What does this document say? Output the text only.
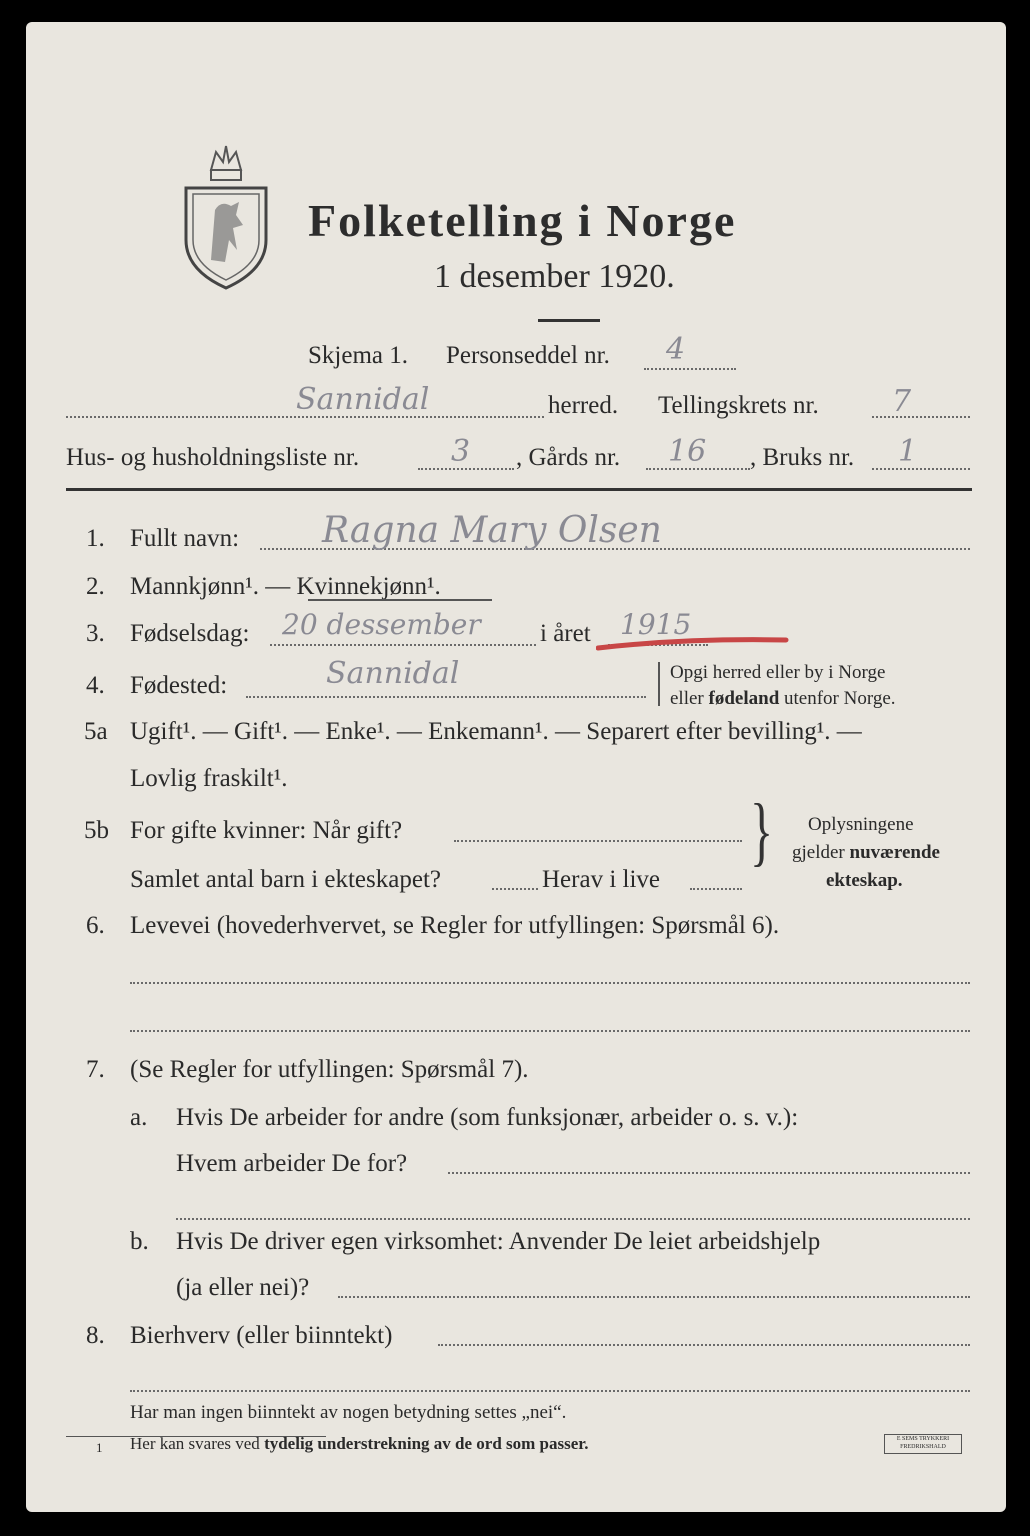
Folketelling i Norge
1 desember 1920.
Skjema 1. Personseddel nr. 4
Sannidal	herred. Tellingskrets nr. 7
Hus- og husholdningsliste nr.	3 , Gårds nr. 16 , Bruks nr. 1
1. Fullt navn: Ragna Mary Olsen
2. Mannkjønn¹. — Kvinnekjønn¹.
3. Fødselsdag: 20 dessember i året 1915
4. Fødested:	Sannidal	Opgi herred eller by i Norge
eller fødeland utenfor Norge.
5a Ugift¹. — Gift¹. — Enke¹. — Enkemann¹. — Separert efter bevilling¹. —
Lovlig fraskilt¹.
5b For gifte kvinner: Når gift?
Samlet antal barn i ekteskapet?	Herav i live
} Oplysningene
gjelder nuværende
ekteskap.
6. Levevei (hovederhvervet, se Regler for utfyllingen: Spørsmål 6).
7. (Se Regler for utfyllingen: Spørsmål 7).
a. Hvis De arbeider for andre (som funksjonær, arbeider o. s. v.):
Hvem arbeider De for?
b. Hvis De driver egen virksomhet: Anvender De leiet arbeidshjelp
(ja eller nei)?
8. Bierhverv (eller biinntekt)
Har man ingen biinntekt av nogen betydning settes „nei“.
1 Her kan svares ved tydelig understrekning av de ord som passer.	E SEMS TRYKKERI FREDRIKSHALD
